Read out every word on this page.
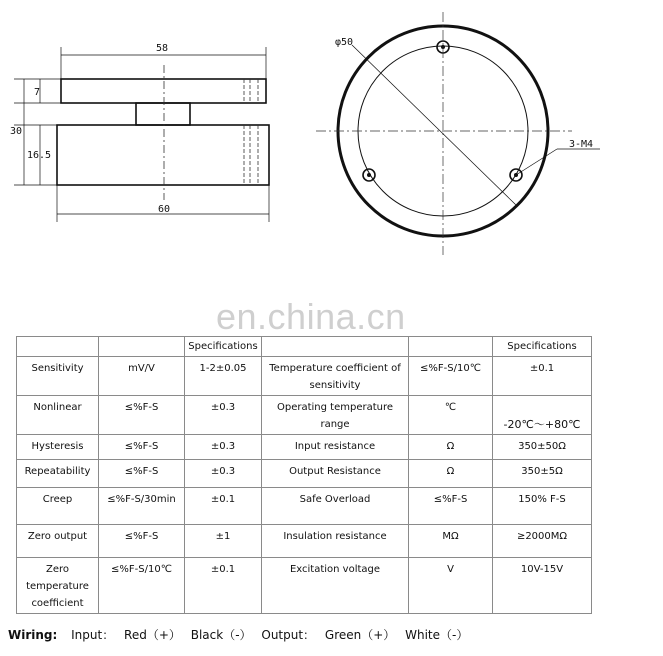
58
60
30
7
16.5
φ50
3-M4
en.china.cn
		Specifications			Specifications
Sensitivity	mV/V	1-2±0.05	Temperature coefficient of sensitivity	≤%F-S/10℃	±0.1
Nonlinear	≤%F-S	±0.3	Operating temperature range	℃	-20℃～+80℃
Hysteresis	≤%F-S	±0.3	Input resistance	Ω	350±50Ω
Repeatability	≤%F-S	±0.3	Output Resistance	Ω	350±5Ω
Creep	≤%F-S/30min	±0.1	Safe Overload	≤%F-S	150% F-S
Zero output	≤%F-S	±1	Insulation resistance	MΩ	≥2000MΩ
Zero temperature coefficient	≤%F-S/10℃	±0.1	Excitation voltage	V	10V-15V
Wiring: Input： Red（+） Black（-） Output： Green（+） White（-）
